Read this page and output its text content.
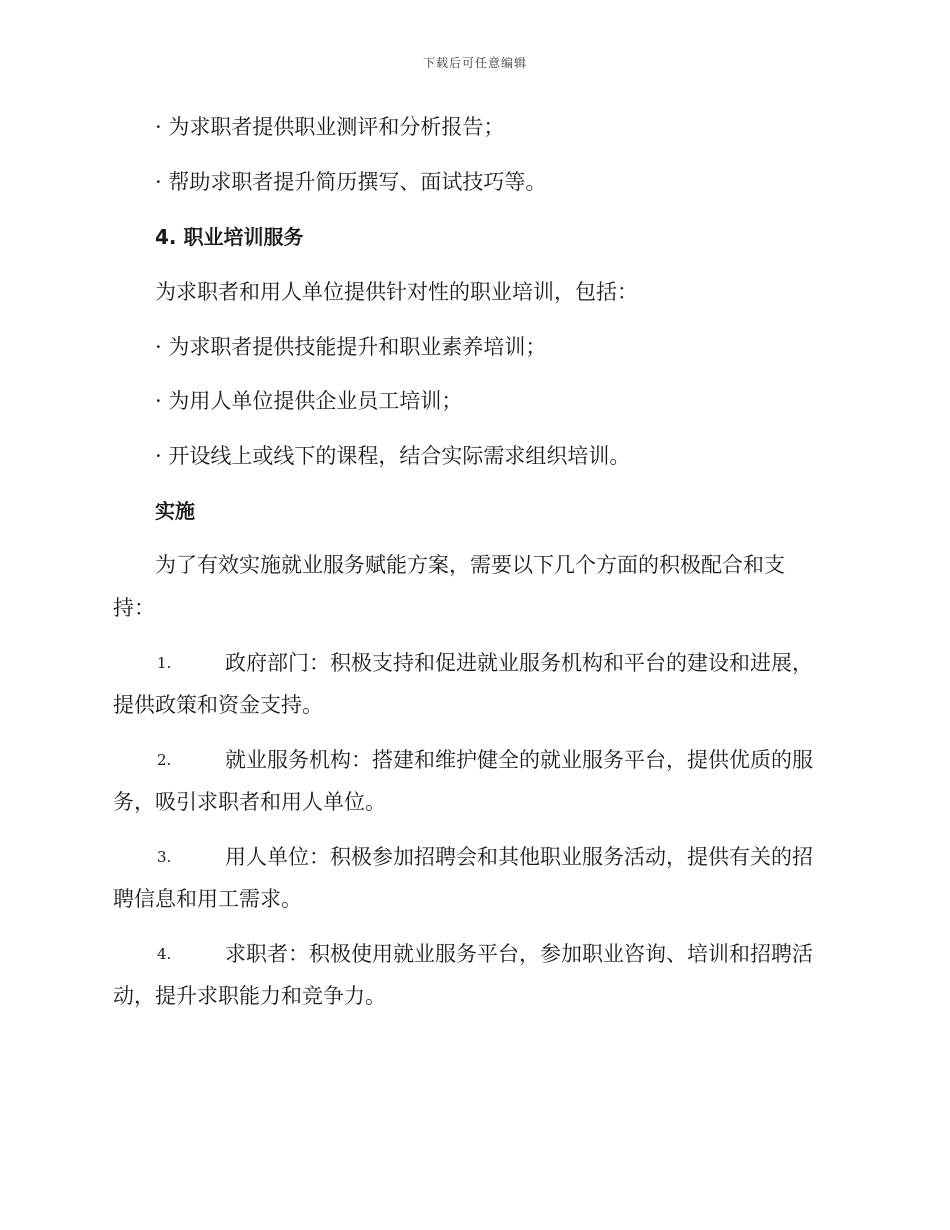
下载后可任意编辑
· 为求职者提供职业测评和分析报告；
· 帮助求职者提升简历撰写、面试技巧等。
4. 职业培训服务
为求职者和用人单位提供针对性的职业培训，包括：
· 为求职者提供技能提升和职业素养培训；
· 为用人单位提供企业员工培训；
· 开设线上或线下的课程，结合实际需求组织培训。
实施
为了有效实施就业服务赋能方案，需要以下几个方面的积极配合和支
持：
1.	政府部门：积极支持和促进就业服务机构和平台的建设和进展，
提供政策和资金支持。
2.	就业服务机构：搭建和维护健全的就业服务平台，提供优质的服
务，吸引求职者和用人单位。
3.	用人单位：积极参加招聘会和其他职业服务活动，提供有关的招
聘信息和用工需求。
4.	求职者：积极使用就业服务平台，参加职业咨询、培训和招聘活
动，提升求职能力和竞争力。
